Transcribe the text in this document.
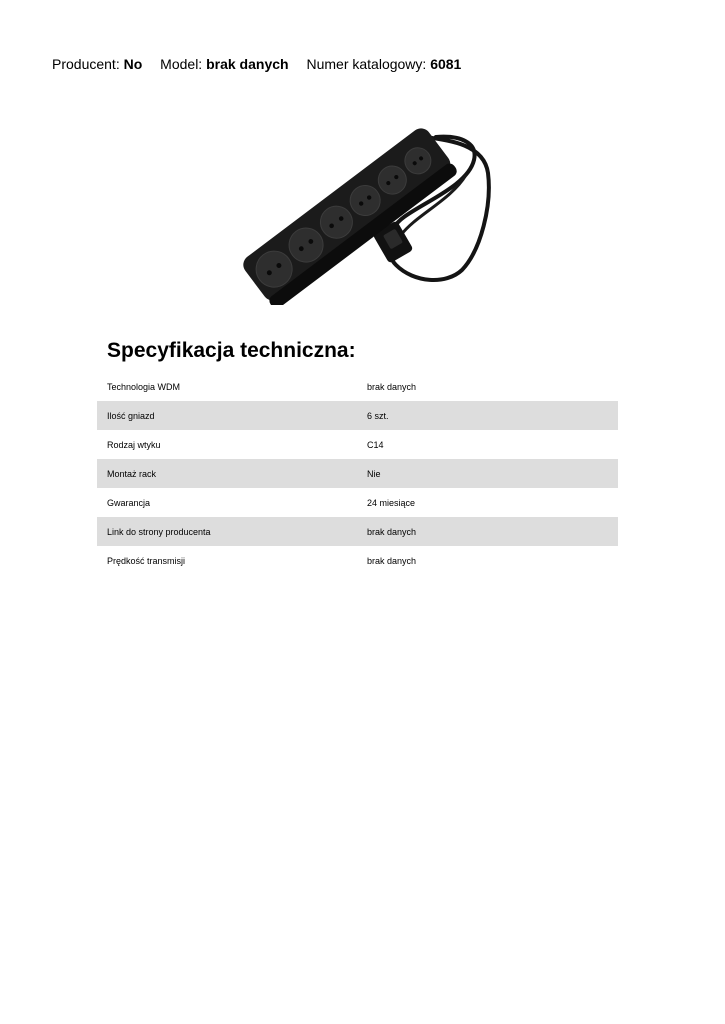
Producent: No Model: brak danych Numer katalogowy: 6081
Specyfikacja techniczna:
Technologia WDM	brak danych
Ilość gniazd	6 szt.
Rodzaj wtyku	C14
Montaż rack	Nie
Gwarancja	24 miesiące
Link do strony producenta	brak danych
Prędkość transmisji	brak danych
